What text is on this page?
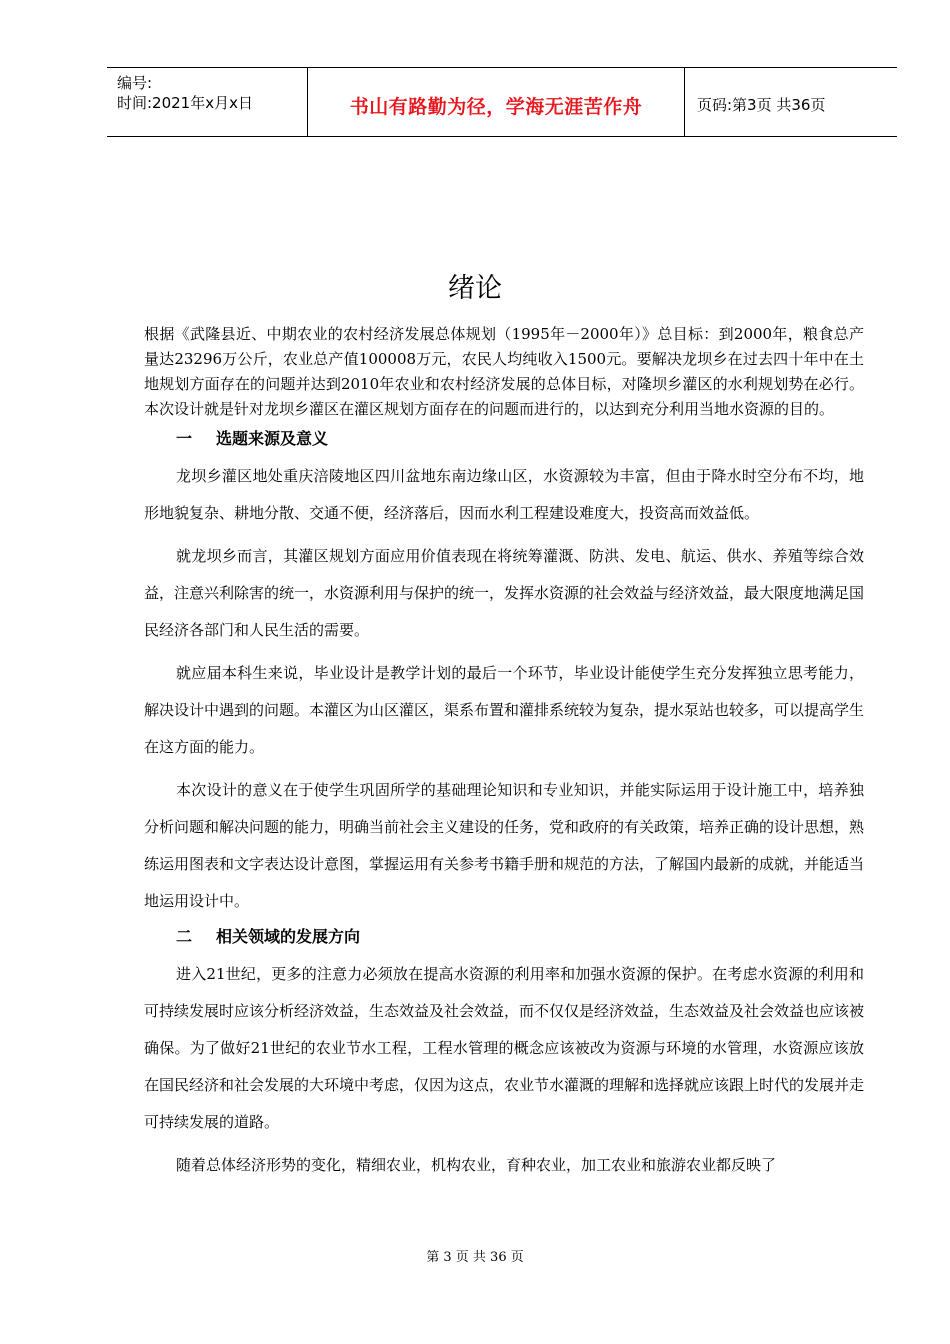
编号:
时间:2021年x月x日	书山有路勤为径，学海无涯苦作舟	页码:第3页 共36页
绪论

根据《武隆县近、中期农业的农村经济发展总体规划（1995年－2000年）》总目标：到2000年，粮食总产量达23296万公斤，农业总产值100008万元，农民人均纯收入1500元。要解决龙坝乡在过去四十年中在土地规划方面存在的问题并达到2010年农业和农村经济发展的总体目标，对隆坝乡灌区的水利规划势在必行。本次设计就是针对龙坝乡灌区在灌区规划方面存在的问题而进行的，以达到充分利用当地水资源的目的。

一 选题来源及意义

龙坝乡灌区地处重庆涪陵地区四川盆地东南边缘山区，水资源较为丰富，但由于降水时空分布不均，地形地貌复杂、耕地分散、交通不便，经济落后，因而水利工程建设难度大，投资高而效益低。

就龙坝乡而言，其灌区规划方面应用价值表现在将统筹灌溉、防洪、发电、航运、供水、养殖等综合效益，注意兴利除害的统一，水资源利用与保护的统一，发挥水资源的社会效益与经济效益，最大限度地满足国民经济各部门和人民生活的需要。

就应届本科生来说，毕业设计是教学计划的最后一个环节，毕业设计能使学生充分发挥独立思考能力，解决设计中遇到的问题。本灌区为山区灌区，渠系布置和灌排系统较为复杂，提水泵站也较多，可以提高学生在这方面的能力。

本次设计的意义在于使学生巩固所学的基础理论知识和专业知识，并能实际运用于设计施工中，培养独分析问题和解决问题的能力，明确当前社会主义建设的任务，党和政府的有关政策，培养正确的设计思想，熟练运用图表和文字表达设计意图，掌握运用有关参考书籍手册和规范的方法，了解国内最新的成就，并能适当地运用设计中。

二 相关领域的发展方向

进入21世纪，更多的注意力必须放在提高水资源的利用率和加强水资源的保护。在考虑水资源的利用和可持续发展时应该分析经济效益，生态效益及社会效益，而不仅仅是经济效益，生态效益及社会效益也应该被确保。为了做好21世纪的农业节水工程，工程水管理的概念应该被改为资源与环境的水管理，水资源应该放在国民经济和社会发展的大环境中考虑，仅因为这点，农业节水灌溉的理解和选择就应该跟上时代的发展并走可持续发展的道路。

随着总体经济形势的变化，精细农业，机构农业，育种农业，加工农业和旅游农业都反映了

第 3 页 共 36 页
